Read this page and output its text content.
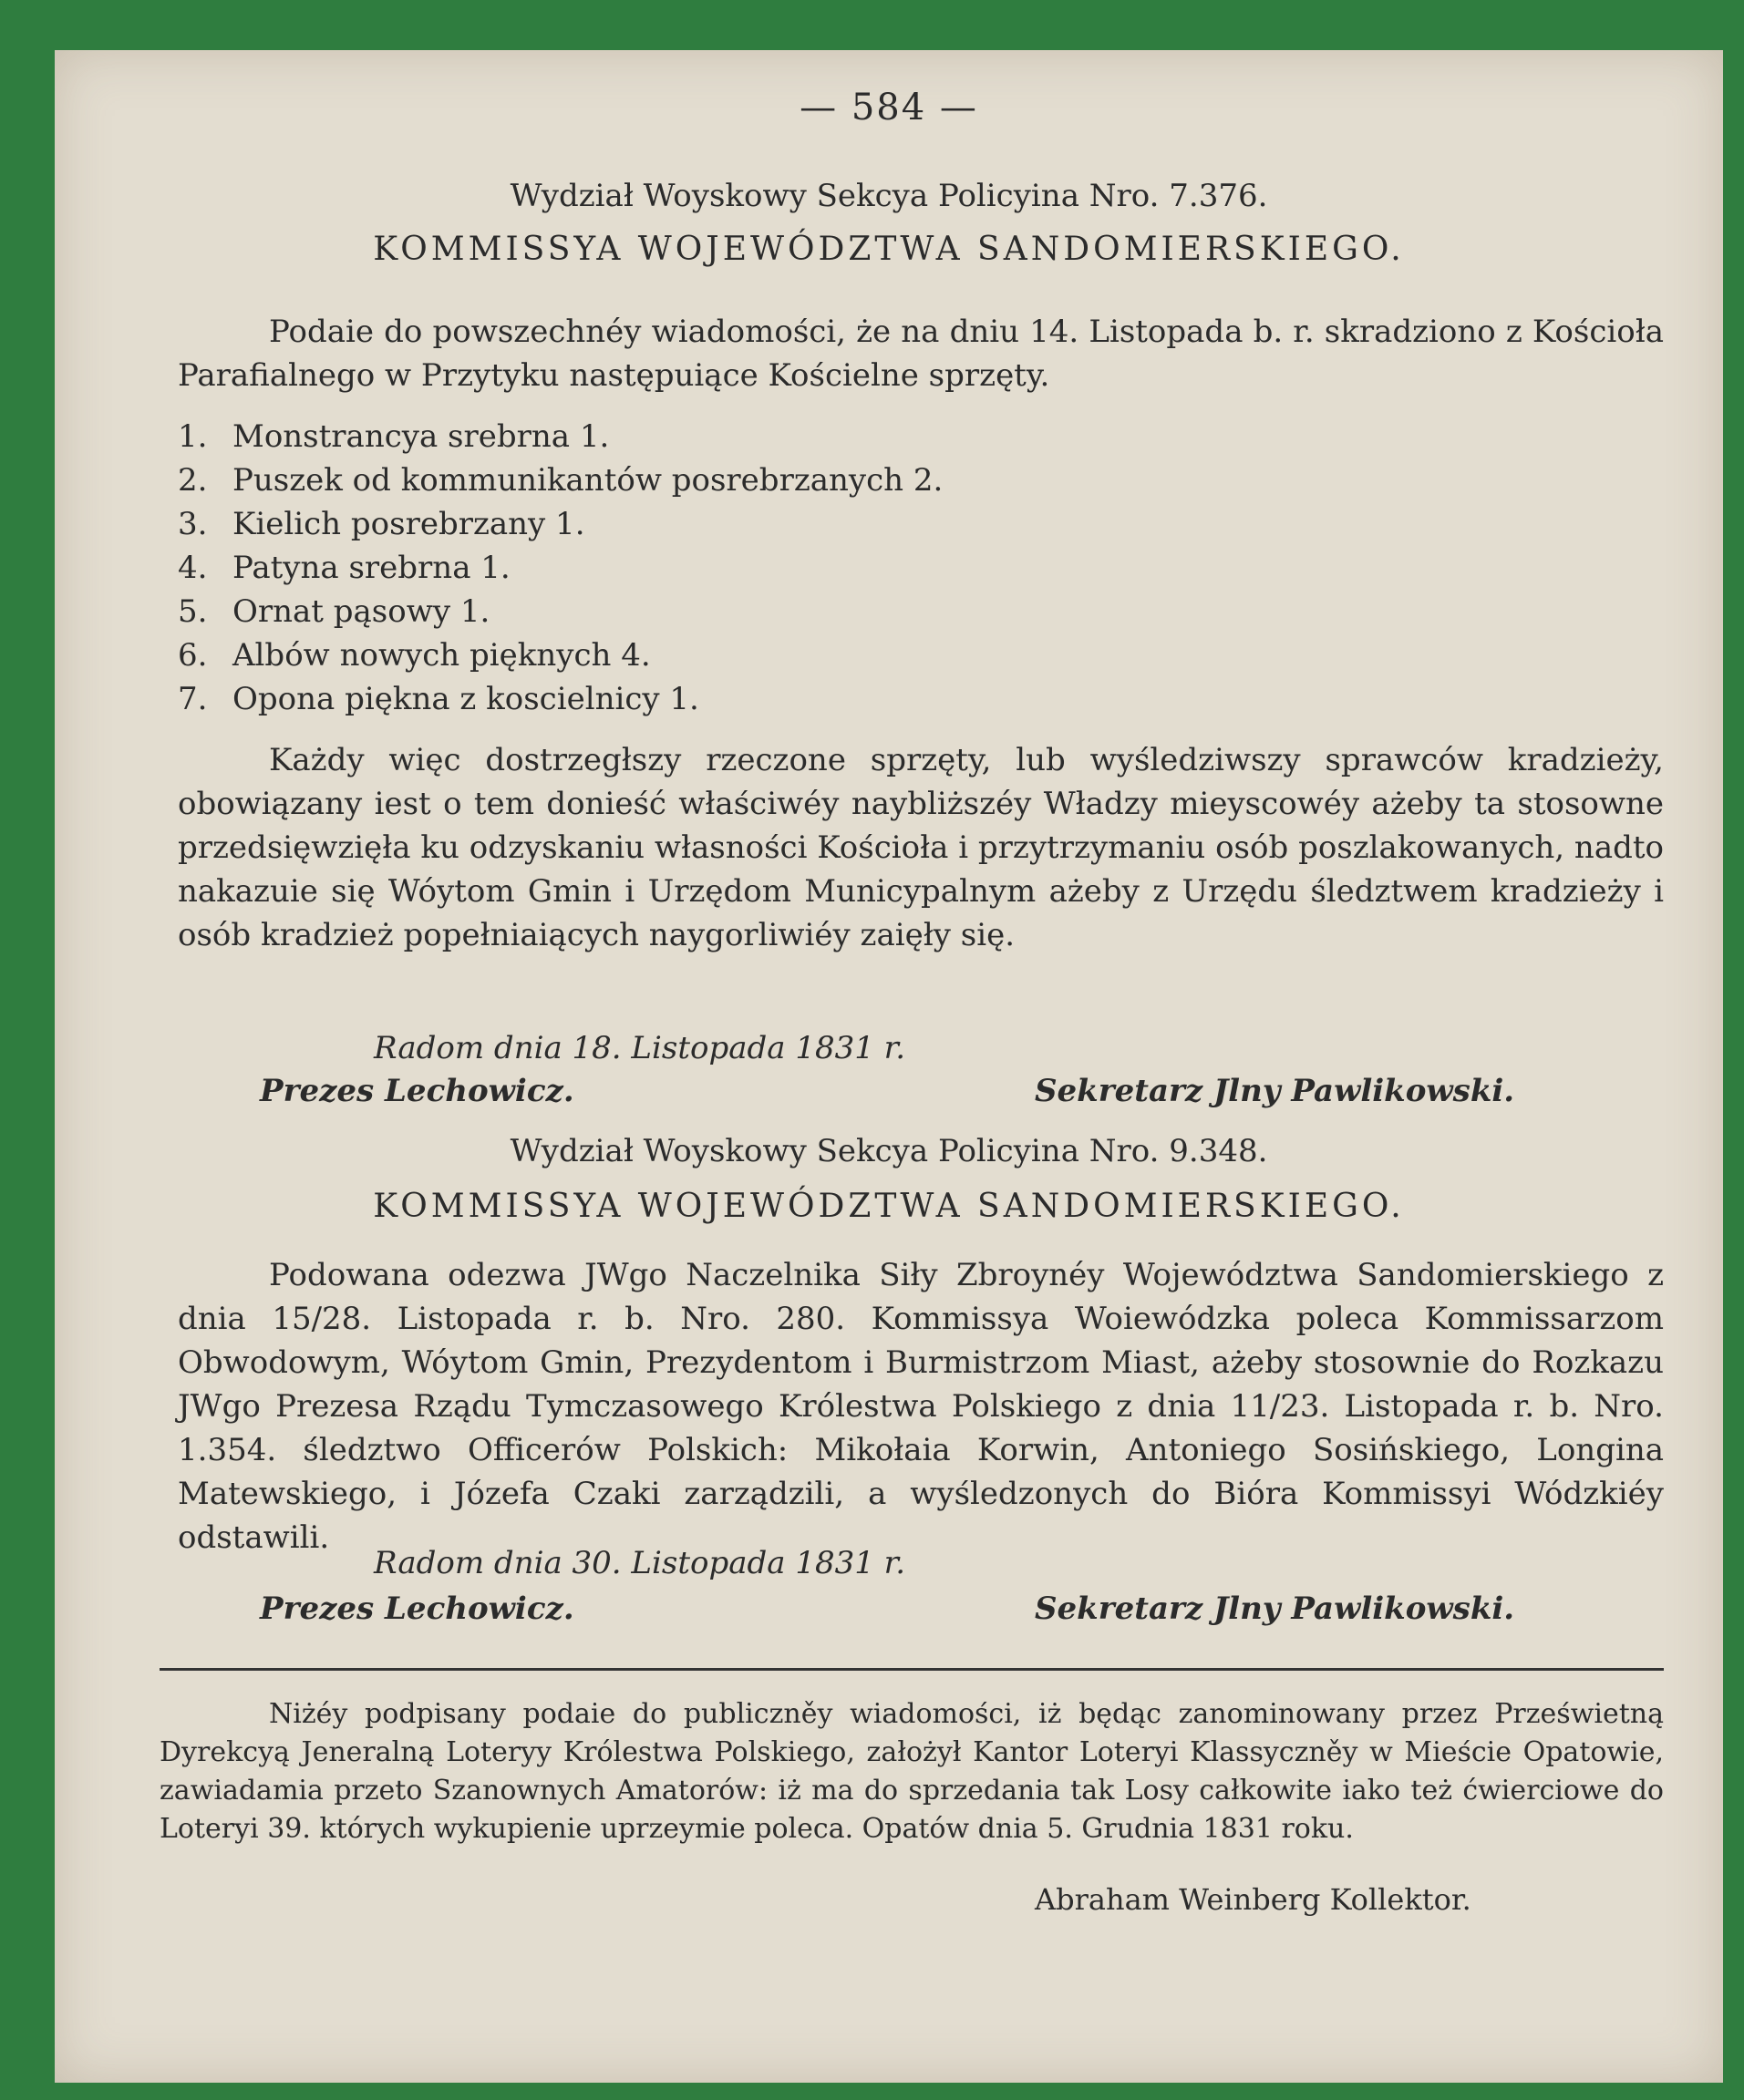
— 584 —
Wydział Woyskowy Sekcya Policyina Nro. 7.376.
KOMMISSYA WOJEWÓDZTWA SANDOMIERSKIEGO.

Podaie do powszechnéy wiadomości, że na dniu 14. Listopada b. r. skradziono z Kościoła Parafialnego w Przytyku następuiące Kościelne sprzęty.

1. Monstrancya srebrna 1.
2. Puszek od kommunikantów posrebrzanych 2.
3. Kielich posrebrzany 1.
4. Patyna srebrna 1.
5. Ornat pąsowy 1.
6. Albów nowych pięknych 4.
7. Opona piękna z koscielnicy 1.

Każdy więc dostrzegłszy rzeczone sprzęty, lub wyśledziwszy sprawców kradzieży, obowiązany iest o tem donieść właściwéy naybliższéy Władzy mieyscowéy ażeby ta stosowne przedsięwzięła ku odzyskaniu własności Kościoła i przytrzymaniu osób poszlakowanych, nadto nakazuie się Wóytom Gmin i Urzędom Municypalnym ażeby z Urzędu śledztwem kradzieży i osób kradzież popełniaiących naygorliwiéy zaięły się.

Radom dnia 18. Listopada 1831 r.
Prezes Lechowicz.	Sekretarz Jlny Pawlikowski.
Wydział Woyskowy Sekcya Policyina Nro. 9.348.
KOMMISSYA WOJEWÓDZTWA SANDOMIERSKIEGO.

Podowana odezwa JWgo Naczelnika Siły Zbroynéy Województwa Sandomierskiego z dnia 15/28. Listopada r. b. Nro. 280. Kommissya Woiewódzka poleca Kommissarzom Obwodowym, Wóytom Gmin, Prezydentom i Burmistrzom Miast, ażeby stosownie do Rozkazu JWgo Prezesa Rządu Tymczasowego Królestwa Polskiego z dnia 11/23. Listopada r. b. Nro. 1.354. śledztwo Officerów Polskich: Mikołaia Korwin, Antoniego Sosińskiego, Longina Matewskiego, i Józefa Czaki zarządzili, a wyśledzonych do Bióra Kommissyi Wódzkiéy odstawili.

Radom dnia 30. Listopada 1831 r.
Prezes Lechowicz.	Sekretarz Jlny Pawlikowski.

Niżéy podpisany podaie do publiczněy wiadomości, iż będąc zanominowany przez Prześwietną Dyrekcyą Jeneralną Loteryy Królestwa Polskiego, założył Kantor Loteryi Klassyczněy w Mieście Opatowie, zawiadamia przeto Szanownych Amatorów: iż ma do sprzedania tak Losy całkowite iako też ćwierciowe do Loteryi 39. których wykupienie uprzeymie poleca. Opatów dnia 5. Grudnia 1831 roku.

Abraham Weinberg Kollektor.
